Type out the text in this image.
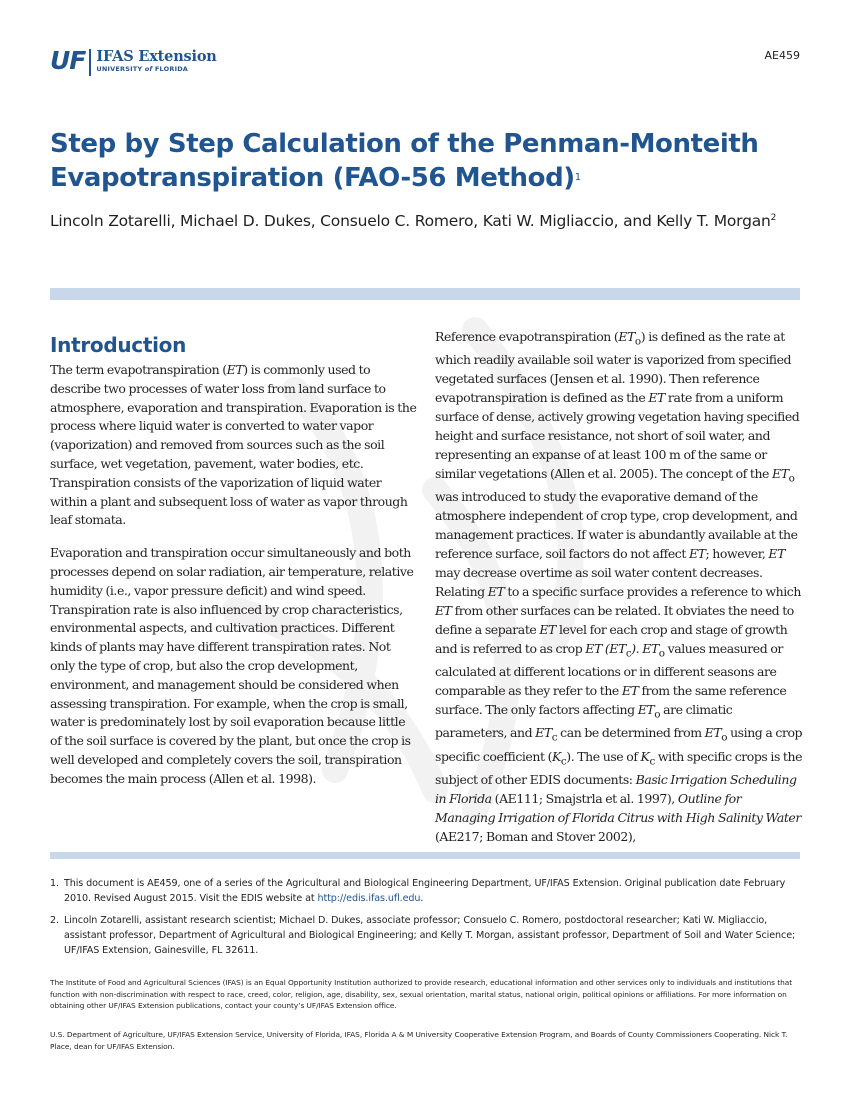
UF IFAS Extension
UNIVERSITY of FLORIDA
AE459
Step by Step Calculation of the Penman-Monteith
Evapotranspiration (FAO-56 Method)$^1$
Lincoln Zotarelli, Michael D. Dukes, Consuelo C. Romero, Kati W. Migliaccio, and Kelly T. Morgan$^2$
Introduction

The term evapotranspiration (ET) is commonly used to describe two processes of water loss from land surface to atmosphere, evaporation and transpiration. Evaporation is the process where liquid water is converted to water vapor (vaporization) and removed from sources such as the soil surface, wet vegetation, pavement, water bodies, etc. Transpiration consists of the vaporization of liquid water within a plant and subsequent loss of water as vapor through leaf stomata.

Evaporation and transpiration occur simultaneously and both processes depend on solar radiation, air temperature, relative humidity (i.e., vapor pressure deficit) and wind speed. Transpiration rate is also influenced by crop characteristics, environmental aspects, and cultivation practices. Different kinds of plants may have different transpiration rates. Not only the type of crop, but also the crop development, environment, and management should be considered when assessing transpiration. For example, when the crop is small, water is predominately lost by soil evaporation because little of the soil surface is covered by the plant, but once the crop is well developed and completely covers the soil, transpiration becomes the main process (Allen et al. 1998).

Reference evapotranspiration $(ET_o)$ is defined as the rate at which readily available soil water is vaporized from specified vegetated surfaces (Jensen et al. 1990). Then reference evapotranspiration is defined as the ET rate from a uniform surface of dense, actively growing vegetation having specified height and surface resistance, not short of soil water, and representing an expanse of at least 100 m of the same or similar vegetations (Allen et al. 2005). The concept of the $ET_o$ was introduced to study the evaporative demand of the atmosphere independent of crop type, crop development, and management practices. If water is abundantly available at the reference surface, soil factors do not affect ET; however, ET may decrease overtime as soil water content decreases. Relating ET to a specific surface provides a reference to which ET from other surfaces can be related. It obviates the need to define a separate ET level for each crop and stage of growth and is referred to as crop ET $(ET_c)$. $ET_o$ values measured or calculated at different locations or in different seasons are comparable as they refer to the ET from the same reference surface. The only factors affecting $ET_o$ are climatic parameters, and $ET_c$ can be determined from $ET_o$ using a crop specific coefficient $(K_c)$. The use of $K_c$ with specific crops is the subject of other EDIS documents: Basic Irrigation Scheduling in Florida (AE111; Smajstrla et al. 1997), Outline for Managing Irrigation of Florida Citrus with High Salinity Water (AE217; Boman and Stover 2002),

1. This document is AE459, one of a series of the Agricultural and Biological Engineering Department, UF/IFAS Extension. Original publication date February 2010. Revised August 2015. Visit the EDIS website at http://edis.ifas.ufl.edu.
2. Lincoln Zotarelli, assistant research scientist; Michael D. Dukes, associate professor; Consuelo C. Romero, postdoctoral researcher; Kati W. Migliaccio, assistant professor, Department of Agricultural and Biological Engineering; and Kelly T. Morgan, assistant professor, Department of Soil and Water Science; UF/IFAS Extension, Gainesville, FL 32611.
The Institute of Food and Agricultural Sciences (IFAS) is an Equal Opportunity Institution authorized to provide research, educational information and other services only to individuals and institutions that function with non-discrimination with respect to race, creed, color, religion, age, disability, sex, sexual orientation, marital status, national origin, political opinions or affiliations. For more information on obtaining other UF/IFAS Extension publications, contact your county’s UF/IFAS Extension office.
U.S. Department of Agriculture, UF/IFAS Extension Service, University of Florida, IFAS, Florida A & M University Cooperative Extension Program, and Boards of County Commissioners Cooperating. Nick T. Place, dean for UF/IFAS Extension.
